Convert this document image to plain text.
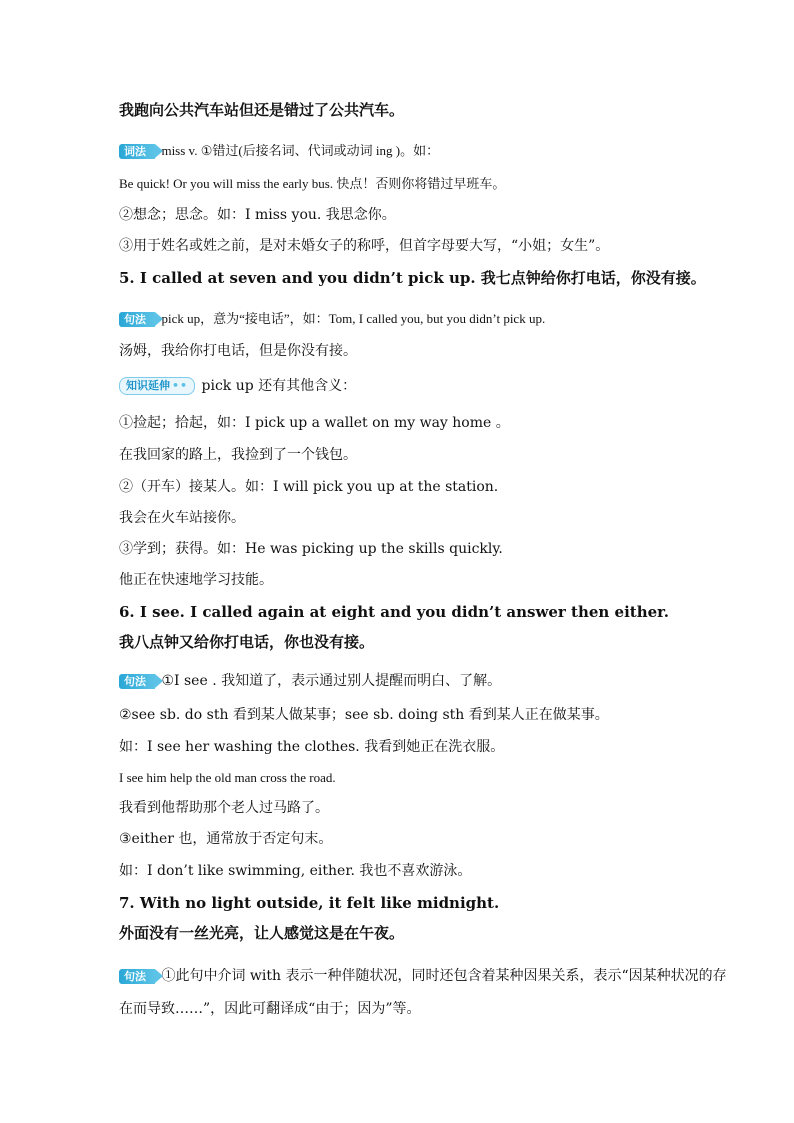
我跑向公共汽车站但还是错过了公共汽车。
词法 miss v. ①错过(后接名词、代词或动词 ing )。如：
Be quick! Or you will miss the early bus. 快点！否则你将错过早班车。
②想念；思念。如：I miss you. 我思念你。
③用于姓名或姓之前，是对未婚女子的称呼，但首字母要大写，“小姐；女生”。
5. I called at seven and you didn’t pick up. 我七点钟给你打电话，你没有接。
句法 pick up，意为“接电话”，如：Tom, I called you, but you didn’t pick up.
汤姆，我给你打电话，但是你没有接。
知识延伸 •• pick up 还有其他含义：
①捡起；拾起，如：I pick up a wallet on my way home 。
在我回家的路上，我捡到了一个钱包。
②（开车）接某人。如：I will pick you up at the station.
我会在火车站接你。
③学到；获得。如：He was picking up the skills quickly.
他正在快速地学习技能。
6. I see. I called again at eight and you didn’t answer then either.
我八点钟又给你打电话，你也没有接。
句法 ①I see . 我知道了，表示通过别人提醒而明白、了解。
②see sb. do sth 看到某人做某事；see sb. doing sth 看到某人正在做某事。
如：I see her washing the clothes. 我看到她正在洗衣服。
I see him help the old man cross the road.
我看到他帮助那个老人过马路了。
③either 也，通常放于否定句末。
如：I don’t like swimming, either. 我也不喜欢游泳。
7. With no light outside, it felt like midnight.
外面没有一丝光亮，让人感觉这是在午夜。
句法 ①此句中介词 with 表示一种伴随状况，同时还包含着某种因果关系，表示“因某种状况的存在而导致……”，因此可翻译成“由于；因为”等。
